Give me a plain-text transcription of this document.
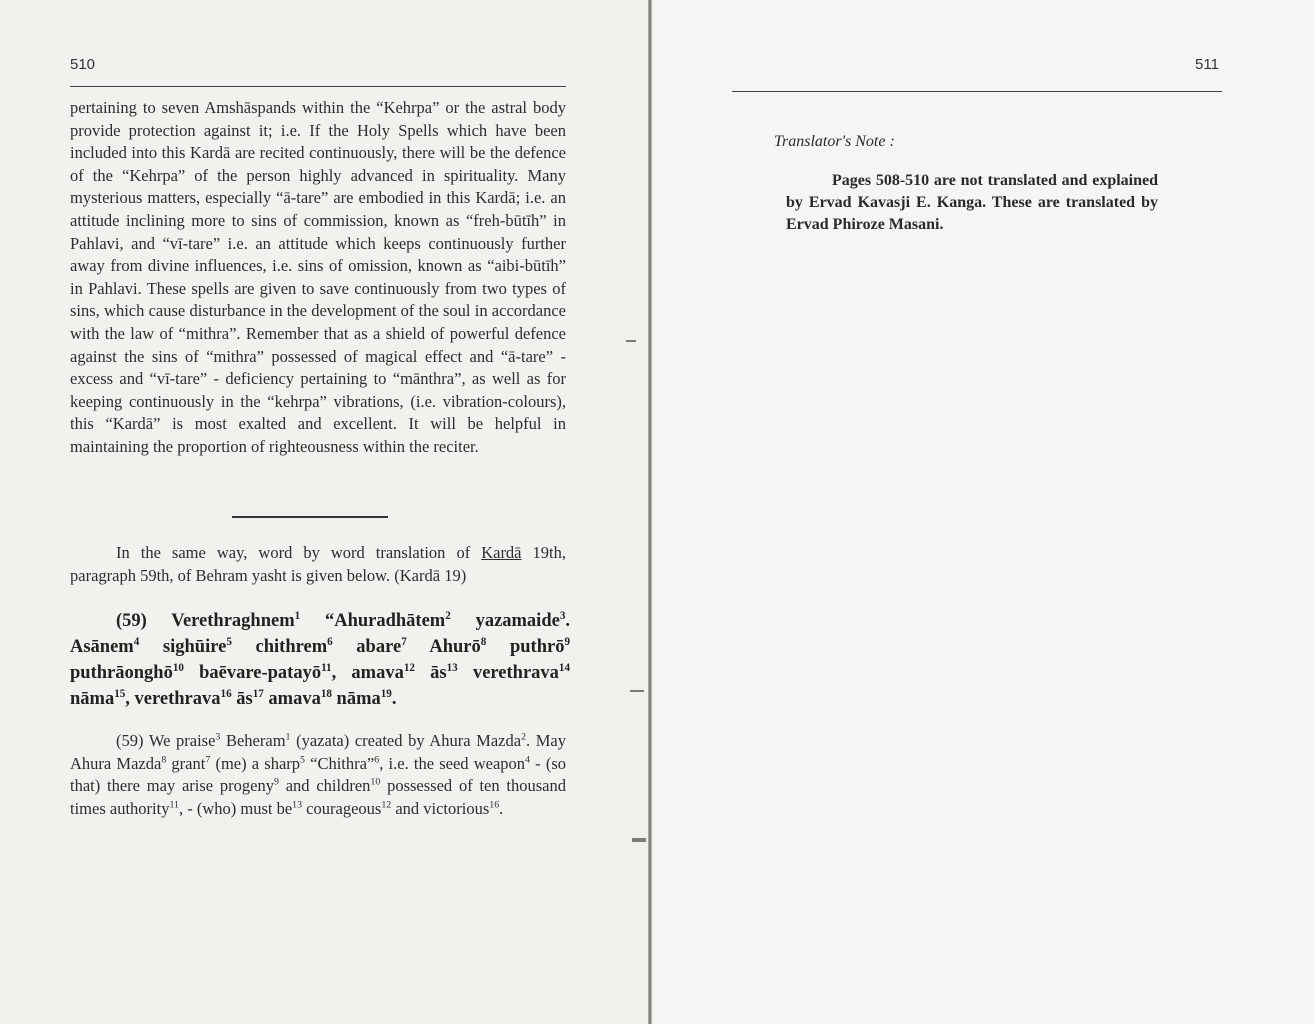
510

pertaining to seven Amshāspands within the “Kehrpa” or the astral body provide protection against it; i.e. If the Holy Spells which have been included into this Kardā are recited continuously, there will be the defence of the “Kehrpa” of the person highly advanced in spirituality. Many mysterious matters, especially “ā-tare” are embodied in this Kardā; i.e. an attitude inclining more to sins of commission, known as “freh-būtīh” in Pahlavi, and “vī-tare” i.e. an attitude which keeps continuously further away from divine influences, i.e. sins of omission, known as “aibi-būtīh” in Pahlavi. These spells are given to save continuously from two types of sins, which cause disturbance in the development of the soul in accordance with the law of “mithra”. Remember that as a shield of powerful defence against the sins of “mithra” possessed of magical effect and “ā-tare” - excess and “vī-tare” - deficiency pertaining to “mānthra”, as well as for keeping continuously in the “kehrpa” vibrations, (i.e. vibration-colours), this “Kardā” is most exalted and excellent. It will be helpful in maintaining the proportion of righteousness within the reciter.

In the same way, word by word translation of Kardā 19th, paragraph 59th, of Behram yasht is given below. (Kardā 19)

(59) Verethraghnem$^1$ “Ahuradhātem$^2$ yazamaide$^3$. Asānem$^4$ sighūire$^5$ chithrem$^6$ abare$^7$ Ahurō$^8$ puthrō$^9$ puthrāonghō$^{10}$ baēvare-patayō$^{11}$, amava$^{12}$ $ās^{13}$ verethrava$^{14}$ nāma$^{15}$, verethrava$^{16}$ $ās^{17}$ amava$^{18}$ nāma$^{19}$.

(59) We praise$^3$ Beheram$^1$ (yazata) created by Ahura Mazda$^2$. May Ahura Mazda$^8$ grant$^7$ (me) a sharp$^5$ “Chithra”$^6$, i.e. the seed weapon$^4$ - (so that) there may arise progeny$^9$ and children$^{10}$ possessed of ten thousand times authority$^{11}$, - (who) must $be^{13}$ courageous$^{12}$ and victorious$^{16}$.

511

Translator's Note :

Pages 508-510 are not translated and explained by Ervad Kavasji E. Kanga. These are translated by Ervad Phiroze Masani.
